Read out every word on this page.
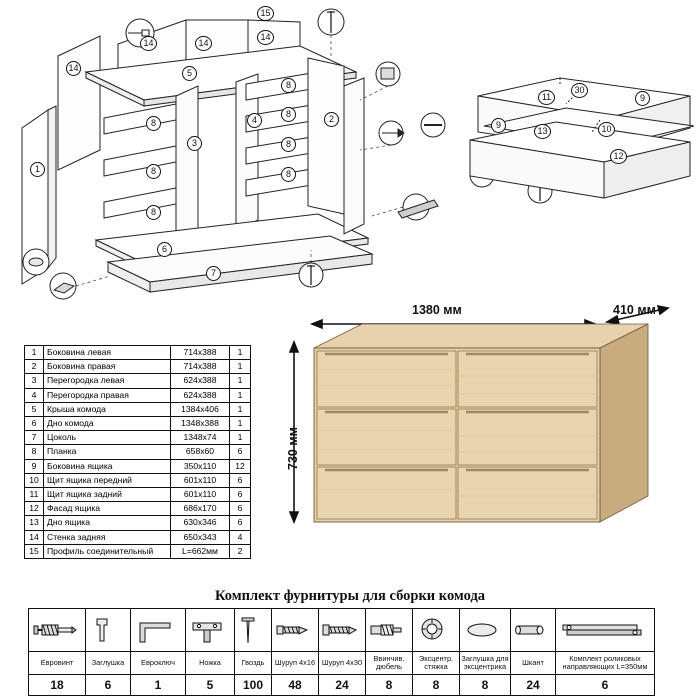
1
2
3
4
5
6
7
8
8
8
8
8
8
8
14
14	14
14
15
9
9
10
11
12
13
30
1	Боковина левая	714x388	1
2	Боковина правая	714x388	1
3	Перегородка левая	624x388	1
4	Перегородка правая	624x388	1
5	Крыша комода	1384x406	1
6	Дно комода	1348x388	1
7	Цоколь	1348x74	1
8	Планка	658x60	6
9	Боковина ящика	350x110	12
10	Щит ящика передний	601x110	6
11	Щит ящика задний	601x110	6
12	Фасад ящика	686x170	6
13	Дно ящика	630x346	6
14	Стенка задняя	650x343	4
15	Профиль соединительный	L=662мм	2
1380 мм	410 мм
730 мм
Комплект фурнитуры для сборки комода

Евровинт	Заглушка	Евроключ	Ножка	Гвоздь	Шуруп 4x16	Шуруп 4x30	Ввинчив. дюбель	Эксцентр. стяжка	Заглушка для эксцентрика	Шкант	Комплект роликовых направляющих L=350мм
18	6	1	5	100	48	24	8	8	8	24	6
